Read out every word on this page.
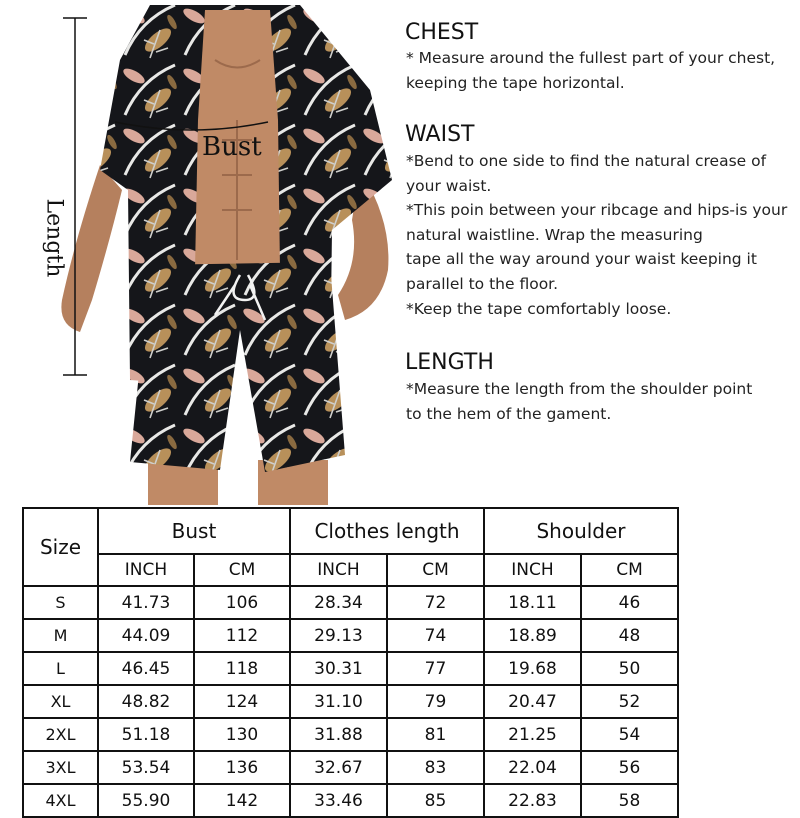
Bust
Length
CHEST
* Measure around the fullest part of your chest,
keeping the tape horizontal.
WAIST
*Bend to one side to find the natural crease of
your waist.
*This poin between your ribcage and hips-is your
natural waistline. Wrap the measuring
tape all the way around your waist keeping it
parallel to the floor.
*Keep the tape comfortably loose.
LENGTH
*Measure the length from the shoulder point
to the hem of the gament.
Size	Bust		Clothes length		Shoulder	
	INCH	CM	INCH	CM	INCH	CM
S	41.73	106	28.34	72	18.11	46
M	44.09	112	29.13	74	18.89	48
L	46.45	118	30.31	77	19.68	50
XL	48.82	124	31.10	79	20.47	52
2XL	51.18	130	31.88	81	21.25	54
3XL	53.54	136	32.67	83	22.04	56
4XL	55.90	142	33.46	85	22.83	58
